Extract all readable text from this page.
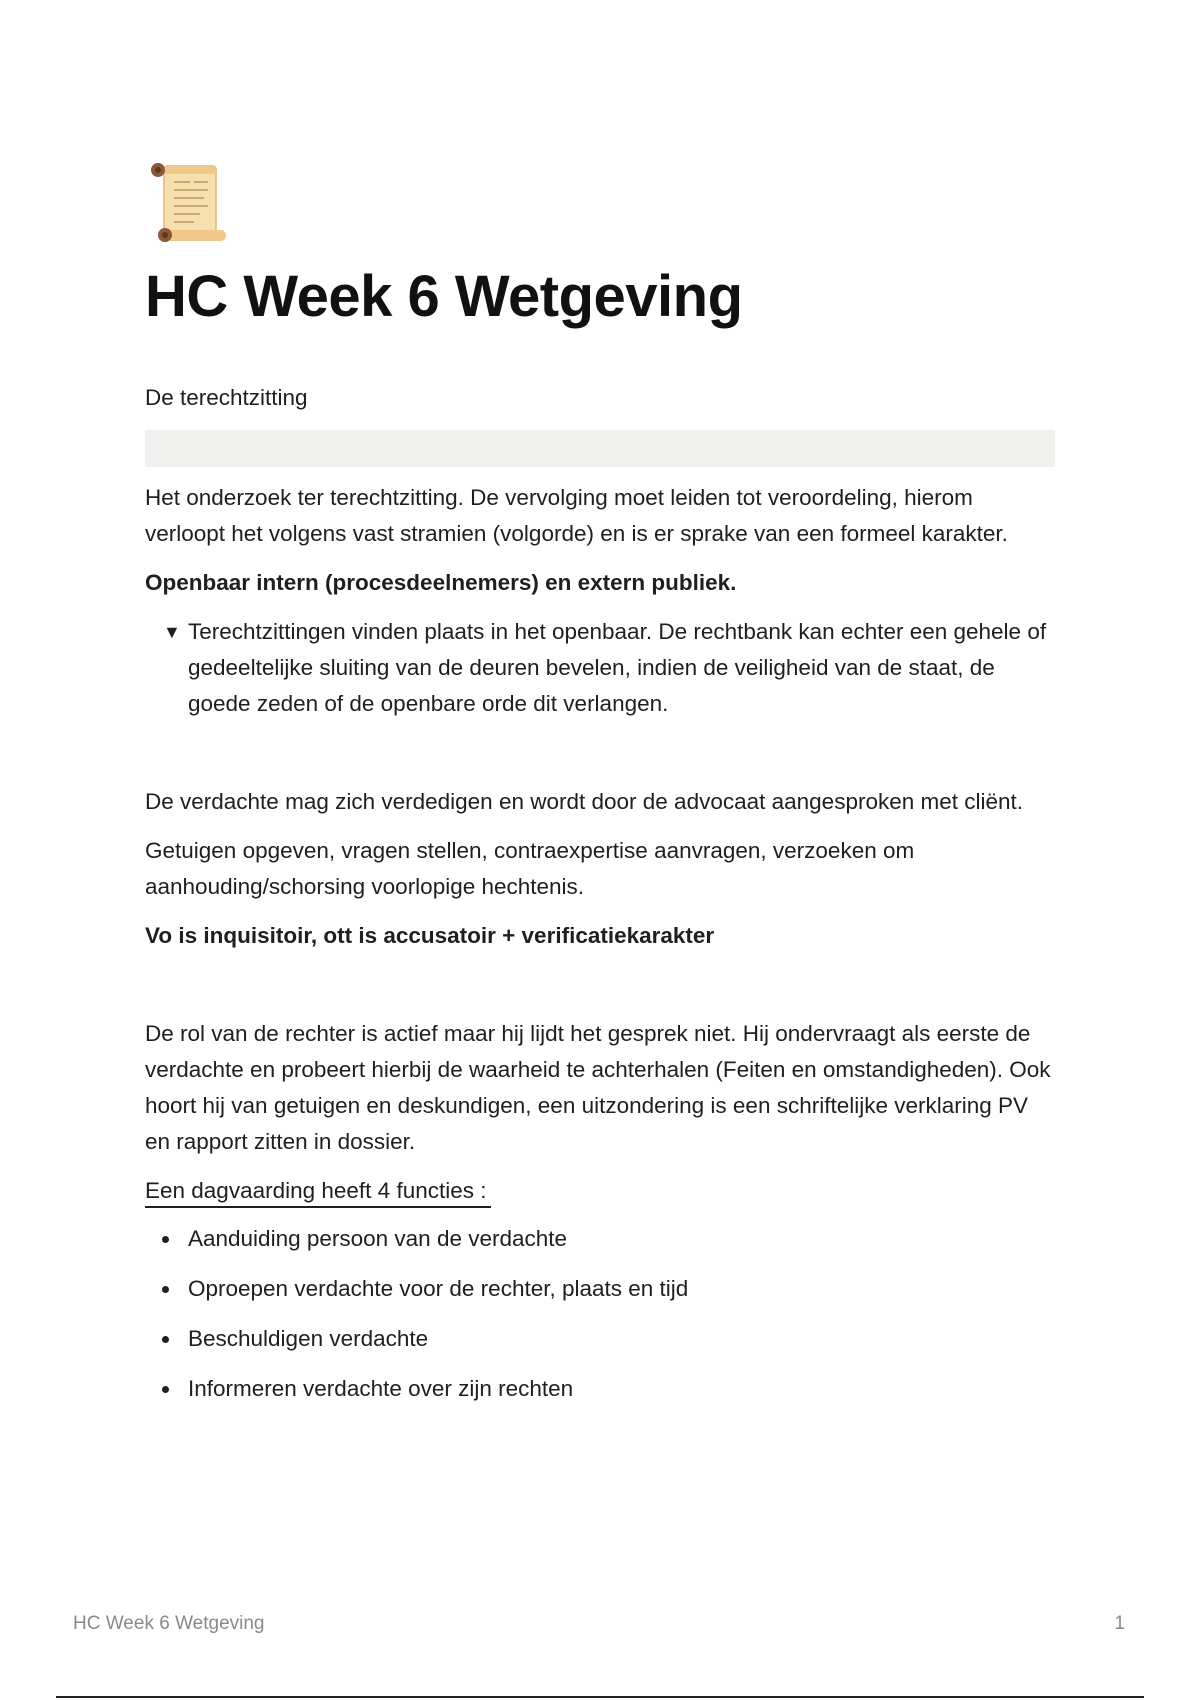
HC Week 6 Wetgeving

De terechtzitting

Het onderzoek ter terechtzitting. De vervolging moet leiden tot veroordeling, hierom verloopt het volgens vast stramien (volgorde) en is er sprake van een formeel karakter.

Openbaar intern (procesdeelnemers) en extern publiek.

▼ Terechtzittingen vinden plaats in het openbaar. De rechtbank kan echter een gehele of gedeeltelijke sluiting van de deuren bevelen, indien de veiligheid van de staat, de goede zeden of de openbare orde dit verlangen.

De verdachte mag zich verdedigen en wordt door de advocaat aangesproken met cliënt.

Getuigen opgeven, vragen stellen, contraexpertise aanvragen, verzoeken om aanhouding/schorsing voorlopige hechtenis.

Vo is inquisitoir, ott is accusatoir + verificatiekarakter

De rol van de rechter is actief maar hij lijdt het gesprek niet. Hij ondervraagt als eerste de verdachte en probeert hierbij de waarheid te achterhalen (Feiten en omstandigheden). Ook hoort hij van getuigen en deskundigen, een uitzondering is een schriftelijke verklaring PV en rapport zitten in dossier.

Een dagvaarding heeft 4 functies :
Aanduiding persoon van de verdachte
Oproepen verdachte voor de rechter, plaats en tijd
Beschuldigen verdachte
Informeren verdachte over zijn rechten
HC Week 6 Wetgeving	1
